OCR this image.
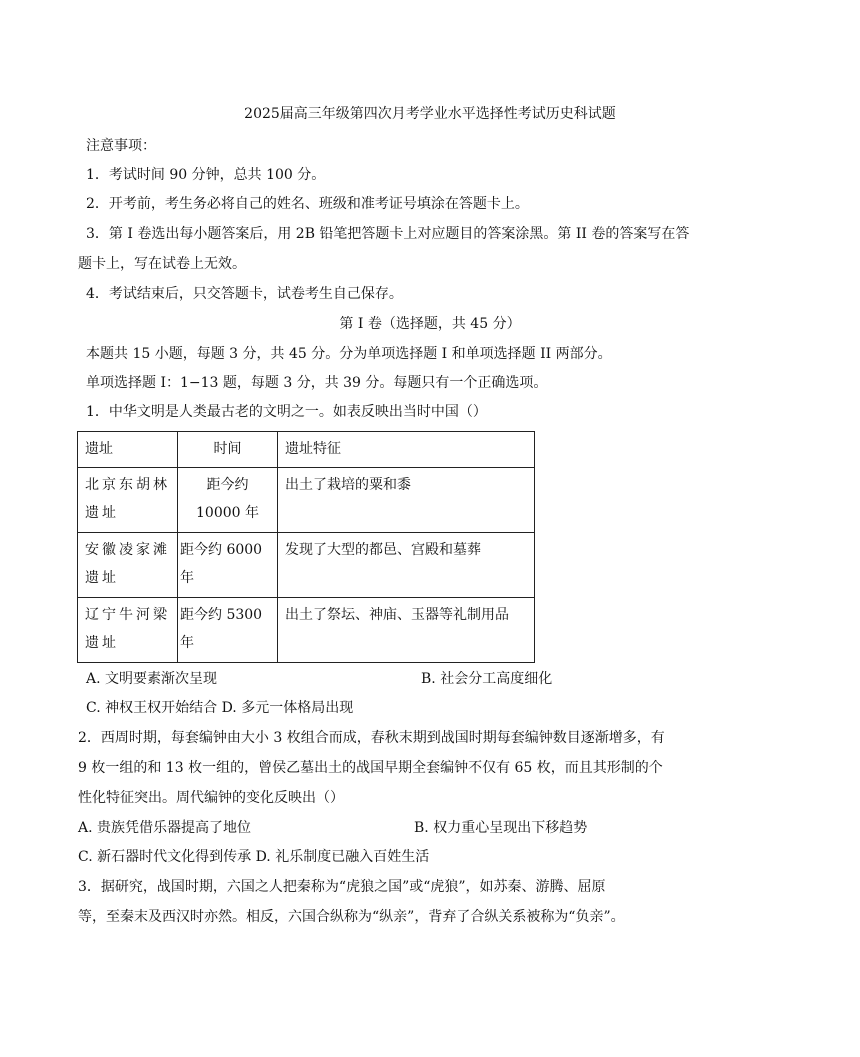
2025届高三年级第四次月考学业水平选择性考试历史科试题
注意事项：
1．考试时间 90 分钟，总共 100 分。
2．开考前，考生务必将自己的姓名、班级和准考证号填涂在答题卡上。
3．第 I 卷选出每小题答案后，用 2B 铅笔把答题卡上对应题目的答案涂黑。第 II 卷的答案写在答
题卡上，写在试卷上无效。
4．考试结束后，只交答题卡，试卷考生自己保存。
第 I 卷（选择题，共 45 分）
本题共 15 小题，每题 3 分，共 45 分。分为单项选择题 I 和单项选择题 II 两部分。
单项选择题 I：1−13 题，每题 3 分，共 39 分。每题只有一个正确选项。
1．中华文明是人类最古老的文明之一。如表反映出当时中国（）
遗址	时间	遗址特征
北京东胡林遗址	距今约 10000 年	出土了栽培的粟和黍
安徽凌家滩遗址	距今约 6000 年	发现了大型的都邑、宫殿和墓葬
辽宁牛河梁遗址	距今约 5300 年	出土了祭坛、神庙、玉器等礼制用品
A. 文明要素渐次呈现	B. 社会分工高度细化
C. 神权王权开始结合 D. 多元一体格局出现
2．西周时期，每套编钟由大小 3 枚组合而成，春秋末期到战国时期每套编钟数目逐渐增多，有
9 枚一组的和 13 枚一组的，曾侯乙墓出土的战国早期全套编钟不仅有 65 枚，而且其形制的个
性化特征突出。周代编钟的变化反映出（）
A. 贵族凭借乐器提高了地位	B. 权力重心呈现出下移趋势
C. 新石器时代文化得到传承 D. 礼乐制度已融入百姓生活
3．据研究，战国时期，六国之人把秦称为“虎狼之国”或“虎狼”，如苏秦、游腾、屈原
等，至秦末及西汉时亦然。相反，六国合纵称为“纵亲”，背弃了合纵关系被称为“负亲”。
